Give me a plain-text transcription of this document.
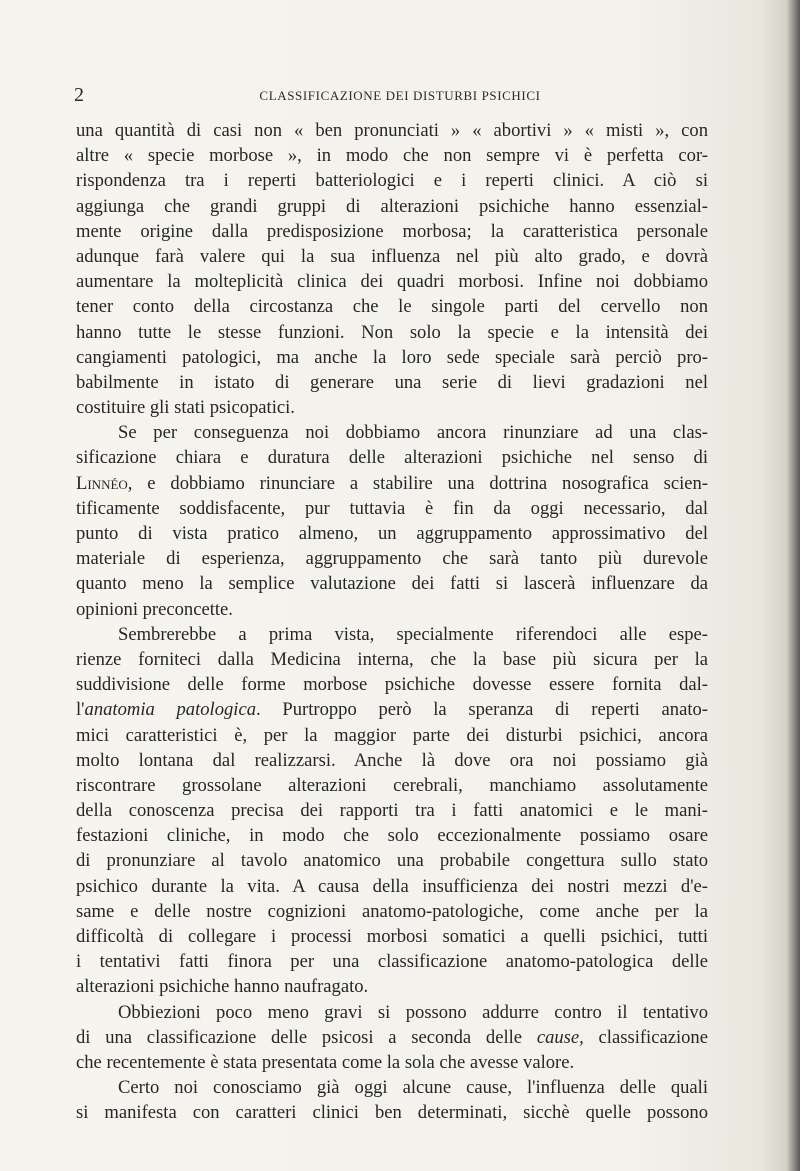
2	CLASSIFICAZIONE DEI DISTURBI PSICHICI
una quantità di casi non « ben pronunciati » « abortivi » « misti », con
altre « specie morbose », in modo che non sempre vi è perfetta cor-
rispondenza tra i reperti batteriologici e i reperti clinici. A ciò si
aggiunga che grandi gruppi di alterazioni psichiche hanno essenzial-
mente origine dalla predisposizione morbosa; la caratteristica personale
adunque farà valere qui la sua influenza nel più alto grado, e dovrà
aumentare la molteplicità clinica dei quadri morbosi. Infine noi dobbiamo
tener conto della circostanza che le singole parti del cervello non
hanno tutte le stesse funzioni. Non solo la specie e la intensità dei
cangiamenti patologici, ma anche la loro sede speciale sarà perciò pro-
babilmente in istato di generare una serie di lievi gradazioni nel
costituire gli stati psicopatici.
Se per conseguenza noi dobbiamo ancora rinunziare ad una clas-
sificazione chiara e duratura delle alterazioni psichiche nel senso di
Linnéo, e dobbiamo rinunciare a stabilire una dottrina nosografica scien-
tificamente soddisfacente, pur tuttavia è fin da oggi necessario, dal
punto di vista pratico almeno, un aggruppamento approssimativo del
materiale di esperienza, aggruppamento che sarà tanto più durevole
quanto meno la semplice valutazione dei fatti si lascerà influenzare da
opinioni preconcette.
Sembrerebbe a prima vista, specialmente riferendoci alle espe-
rienze forniteci dalla Medicina interna, che la base più sicura per la
suddivisione delle forme morbose psichiche dovesse essere fornita dal-
l'anatomia patologica. Purtroppo però la speranza di reperti anato-
mici caratteristici è, per la maggior parte dei disturbi psichici, ancora
molto lontana dal realizzarsi. Anche là dove ora noi possiamo già
riscontrare grossolane alterazioni cerebrali, manchiamo assolutamente
della conoscenza precisa dei rapporti tra i fatti anatomici e le mani-
festazioni cliniche, in modo che solo eccezionalmente possiamo osare
di pronunziare al tavolo anatomico una probabile congettura sullo stato
psichico durante la vita. A causa della insufficienza dei nostri mezzi d'e-
same e delle nostre cognizioni anatomo-patologiche, come anche per la
difficoltà di collegare i processi morbosi somatici a quelli psichici, tutti
i tentativi fatti finora per una classificazione anatomo-patologica delle
alterazioni psichiche hanno naufragato.
Obbiezioni poco meno gravi si possono addurre contro il tentativo
di una classificazione delle psicosi a seconda delle cause, classificazione
che recentemente è stata presentata come la sola che avesse valore.
Certo noi conosciamo già oggi alcune cause, l'influenza delle quali
si manifesta con caratteri clinici ben determinati, sicchè quelle possono
